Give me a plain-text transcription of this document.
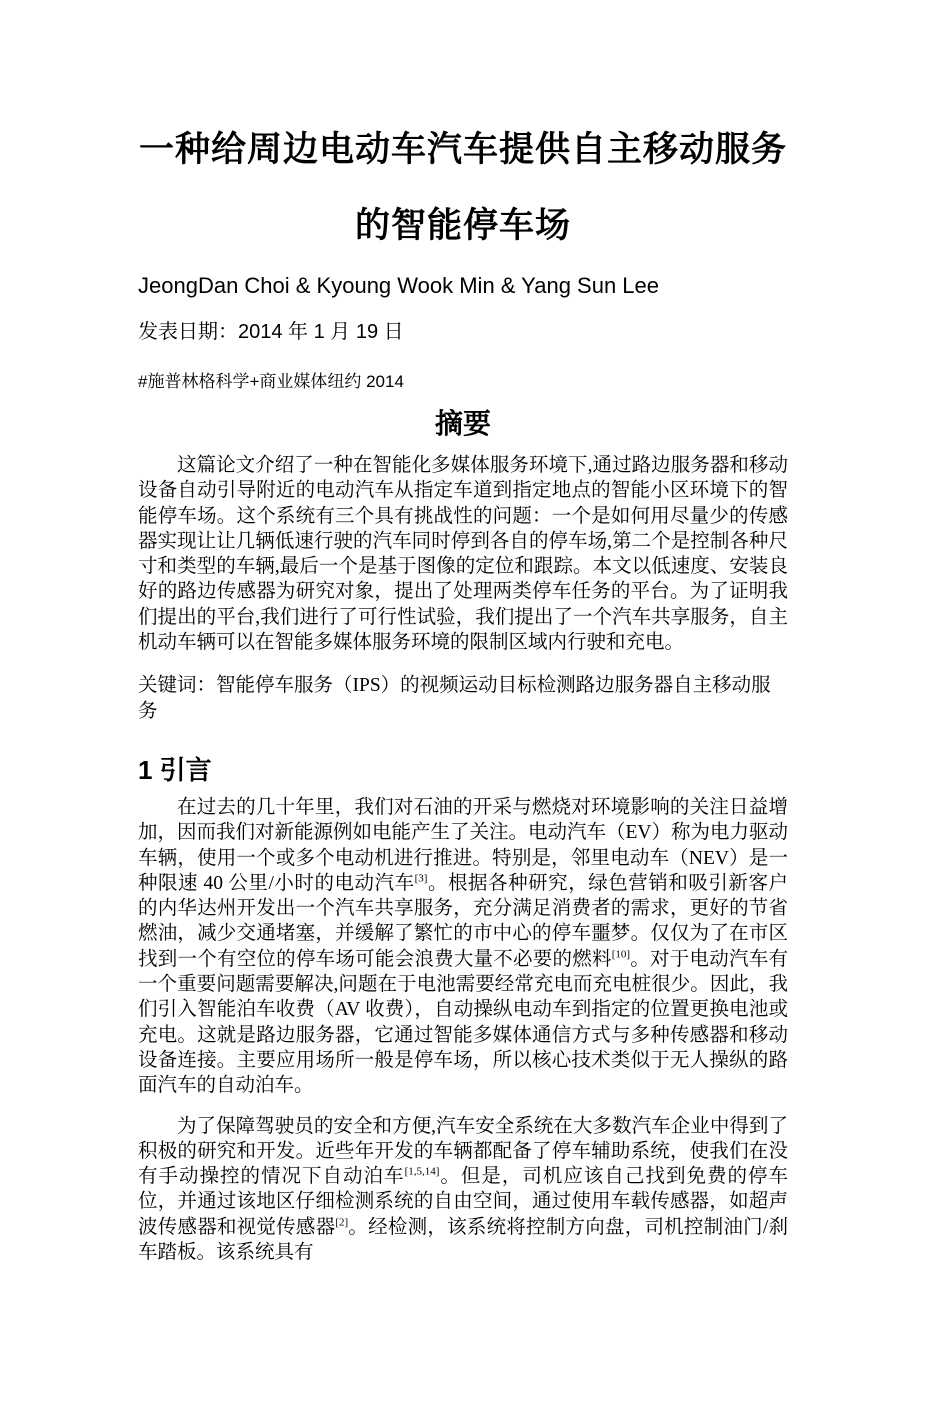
一种给周边电动车汽车提供自主移动服务
的智能停车场

JeongDan Choi & Kyoung Wook Min & Yang Sun Lee

发表日期：2014 年 1 月 19 日

#施普林格科学+商业媒体纽约 2014

摘要

这篇论文介绍了一种在智能化多媒体服务环境下,通过路边服务器和移动设备自动引导附近的电动汽车从指定车道到指定地点的智能小区环境下的智能停车场。这个系统有三个具有挑战性的问题：一个是如何用尽量少的传感器实现让让几辆低速行驶的汽车同时停到各自的停车场,第二个是控制各种尺寸和类型的车辆,最后一个是基于图像的定位和跟踪。本文以低速度、安装良好的路边传感器为研究对象，提出了处理两类停车任务的平台。为了证明我们提出的平台,我们进行了可行性试验，我们提出了一个汽车共享服务，自主机动车辆可以在智能多媒体服务环境的限制区域内行驶和充电。

关键词：智能停车服务（IPS）的视频运动目标检测路边服务器自主移动服务

1 引言

在过去的几十年里，我们对石油的开采与燃烧对环境影响的关注日益增加，因而我们对新能源例如电能产生了关注。电动汽车（EV）称为电力驱动车辆，使用一个或多个电动机进行推进。特别是，邻里电动车（NEV）是一种限速 40 公里/小时的电动汽车[3]。根据各种研究，绿色营销和吸引新客户的内华达州开发出一个汽车共享服务，充分满足消费者的需求，更好的节省燃油，减少交通堵塞，并缓解了繁忙的市中心的停车噩梦。仅仅为了在市区找到一个有空位的停车场可能会浪费大量不必要的燃料[10]。对于电动汽车有一个重要问题需要解决,问题在于电池需要经常充电而充电桩很少。因此，我们引入智能泊车收费（AV 收费），自动操纵电动车到指定的位置更换电池或充电。这就是路边服务器，它通过智能多媒体通信方式与多种传感器和移动设备连接。主要应用场所一般是停车场，所以核心技术类似于无人操纵的路面汽车的自动泊车。

为了保障驾驶员的安全和方便,汽车安全系统在大多数汽车企业中得到了积极的研究和开发。近些年开发的车辆都配备了停车辅助系统，使我们在没有手动操控的情况下自动泊车[1,5,14]。但是，司机应该自己找到免费的停车位，并通过该地区仔细检测系统的自由空间，通过使用车载传感器，如超声波传感器和视觉传感器[2]。经检测，该系统将控制方向盘，司机控制油门/刹车踏板。该系统具有
